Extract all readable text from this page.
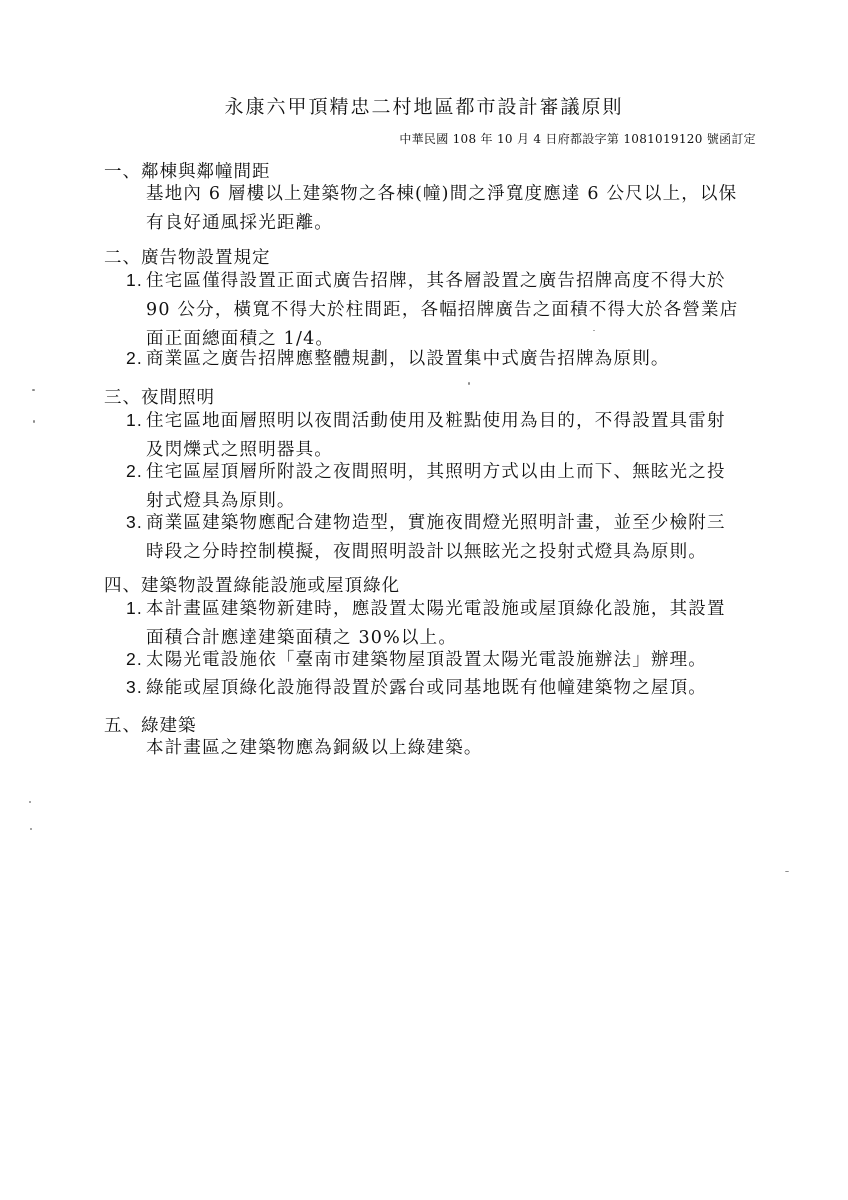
永康六甲頂精忠二村地區都市設計審議原則
中華民國 108 年 10 月 4 日府都設字第 1081019120 號函訂定
一、鄰棟與鄰幢間距
基地內 6 層樓以上建築物之各棟(幢)間之淨寬度應達 6 公尺以上，以保
有良好通風採光距離。
二、廣告物設置規定
1. 住宅區僅得設置正面式廣告招牌，其各層設置之廣告招牌高度不得大於
90 公分，橫寬不得大於柱間距，各幅招牌廣告之面積不得大於各營業店
面正面總面積之 1/4。
2. 商業區之廣告招牌應整體規劃，以設置集中式廣告招牌為原則。
三、夜間照明
1. 住宅區地面層照明以夜間活動使用及粧點使用為目的，不得設置具雷射
及閃爍式之照明器具。
2. 住宅區屋頂層所附設之夜間照明，其照明方式以由上而下、無眩光之投
射式燈具為原則。
3. 商業區建築物應配合建物造型，實施夜間燈光照明計畫，並至少檢附三
時段之分時控制模擬，夜間照明設計以無眩光之投射式燈具為原則。
四、建築物設置綠能設施或屋頂綠化
1. 本計畫區建築物新建時，應設置太陽光電設施或屋頂綠化設施，其設置
面積合計應達建築面積之 30%以上。
2. 太陽光電設施依「臺南市建築物屋頂設置太陽光電設施辦法」辦理。
3. 綠能或屋頂綠化設施得設置於露台或同基地既有他幢建築物之屋頂。
五、綠建築
本計畫區之建築物應為銅級以上綠建築。
